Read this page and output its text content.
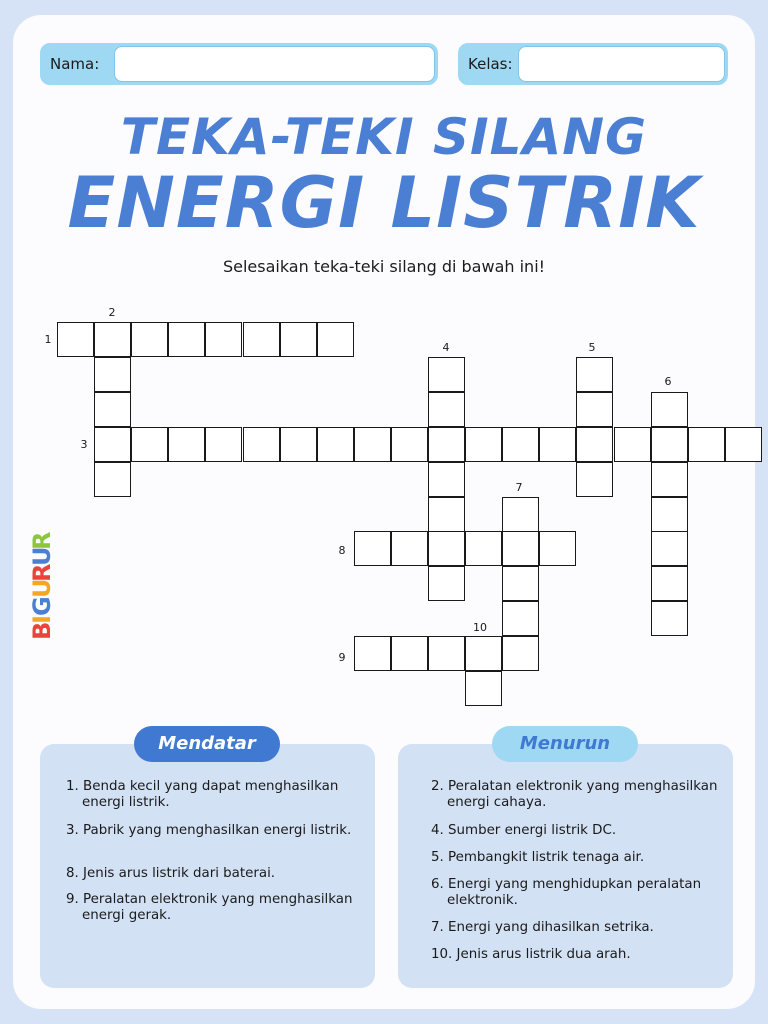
Nama:	Kelas:
TEKA-TEKI SILANG
ENERGI LISTRIK
Selesaikan teka-teki silang di bawah ini!
1
2
3
4	5
6
7
8
9
10
B
I
G
U
R
U
R
Mendatar	Menurun
1. Benda kecil yang dapat menghasilkan energi listrik.
3. Pabrik yang menghasilkan energi listrik.
8. Jenis arus listrik dari baterai.
9. Peralatan elektronik yang menghasilkan energi gerak.
2. Peralatan elektronik yang menghasilkan energi cahaya.
4. Sumber energi listrik DC.
5. Pembangkit listrik tenaga air.
6. Energi yang menghidupkan peralatan elektronik.
7. Energi yang dihasilkan setrika.
10. Jenis arus listrik dua arah.
